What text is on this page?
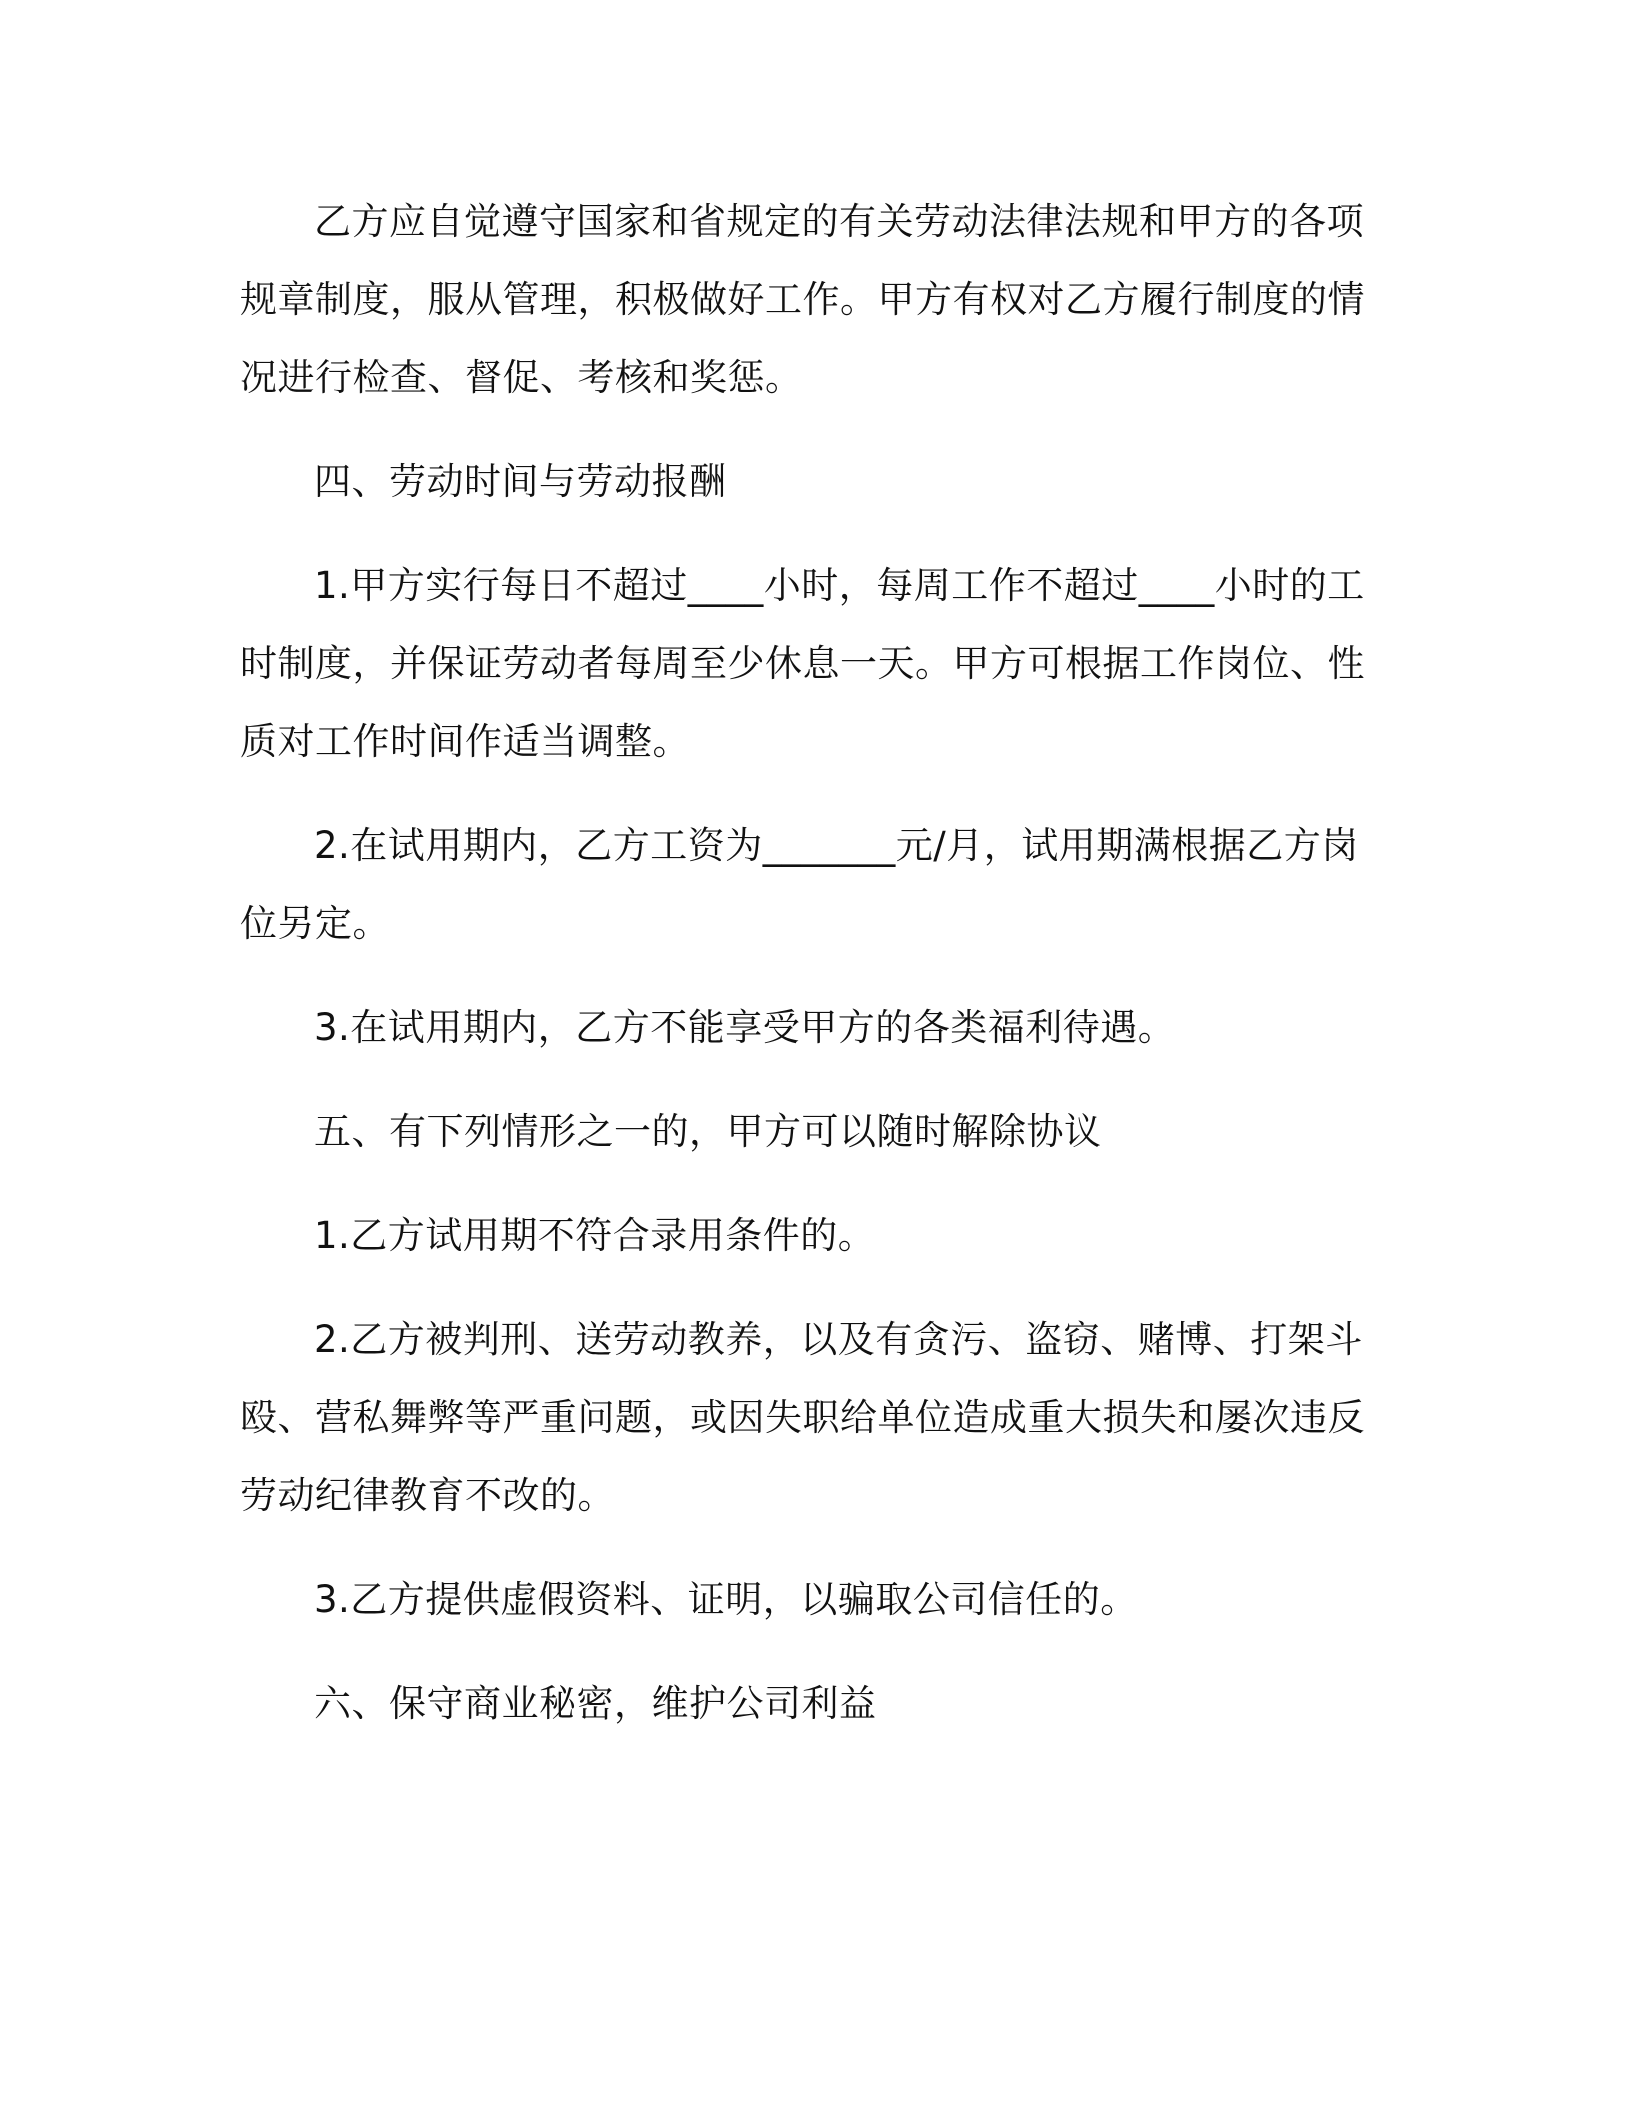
乙方应自觉遵守国家和省规定的有关劳动法律法规和甲方的各项规章制度，服从管理，积极做好工作。甲方有权对乙方履行制度的情况进行检查、督促、考核和奖惩。

四、劳动时间与劳动报酬

1.甲方实行每日不超过____小时，每周工作不超过____小时的工时制度，并保证劳动者每周至少休息一天。甲方可根据工作岗位、性质对工作时间作适当调整。

2.在试用期内，乙方工资为_______元/月，试用期满根据乙方岗位另定。

3.在试用期内，乙方不能享受甲方的各类福利待遇。

五、有下列情形之一的，甲方可以随时解除协议

1.乙方试用期不符合录用条件的。

2.乙方被判刑、送劳动教养，以及有贪污、盗窃、赌博、打架斗殴、营私舞弊等严重问题，或因失职给单位造成重大损失和屡次违反劳动纪律教育不改的。

3.乙方提供虚假资料、证明，以骗取公司信任的。

六、保守商业秘密，维护公司利益
